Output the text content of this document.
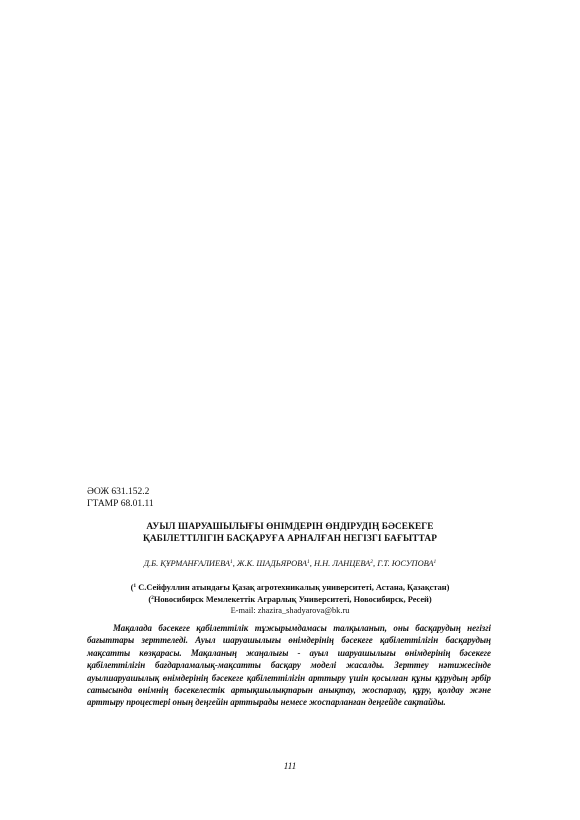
ӘОЖ 631.152.2
ГТАМР 68.01.11
АУЫЛ ШАРУАШЫЛЫҒЫ ӨНІМДЕРІН ӨНДІРУДІҢ БӘСЕКЕГЕ
ҚАБІЛЕТТІЛІГІН БАСҚАРУҒА АРНАЛҒАН НЕГІЗГІ БАҒЫТТАР
Д.Б. ҚҰРМАНҒАЛИЕВА$^1$, Ж.К. ШАДЬЯРОВА$^1$, Н.Н. ЛАНЦЕВА$^2$, Г.Т. ЮСУПОВА$^1$
($^1$ С.Сейфуллин атындағы Қазақ агротехникалық университеті, Астана, Қазақстан)
($^2$Новосибирск Мемлекеттік Аграрлық Университеті, Новосибирск, Ресей)
E-mail: zhazira_shadyarova@bk.ru
Мақалада бәсекеге қабілеттілік тұжырымдамасы талқыланып, оны басқарудың негізгі бағыттары зерттеледі. Ауыл шаруашылығы өнімдерінің бәсекеге қабілеттілігін басқарудың мақсатты көзқарасы. Мақаланың жаңалығы - ауыл шаруашылығы өнімдерінің бәсекеге қабілеттілігін бағдарламалық-мақсатты басқару моделі жасалды. Зерттеу нәтижесінде ауылшаруашылық өнімдерінің бәсекеге қабілеттілігін арттыру үшін қосылған құны құрудың әрбір сатысында өнімнің бәсекелестік артықшылықтарын анықтау, жоспарлау, құру, қолдау және арттыру процестері оның деңгейін арттырады немесе жоспарланған деңгейде сақтайды.
111
